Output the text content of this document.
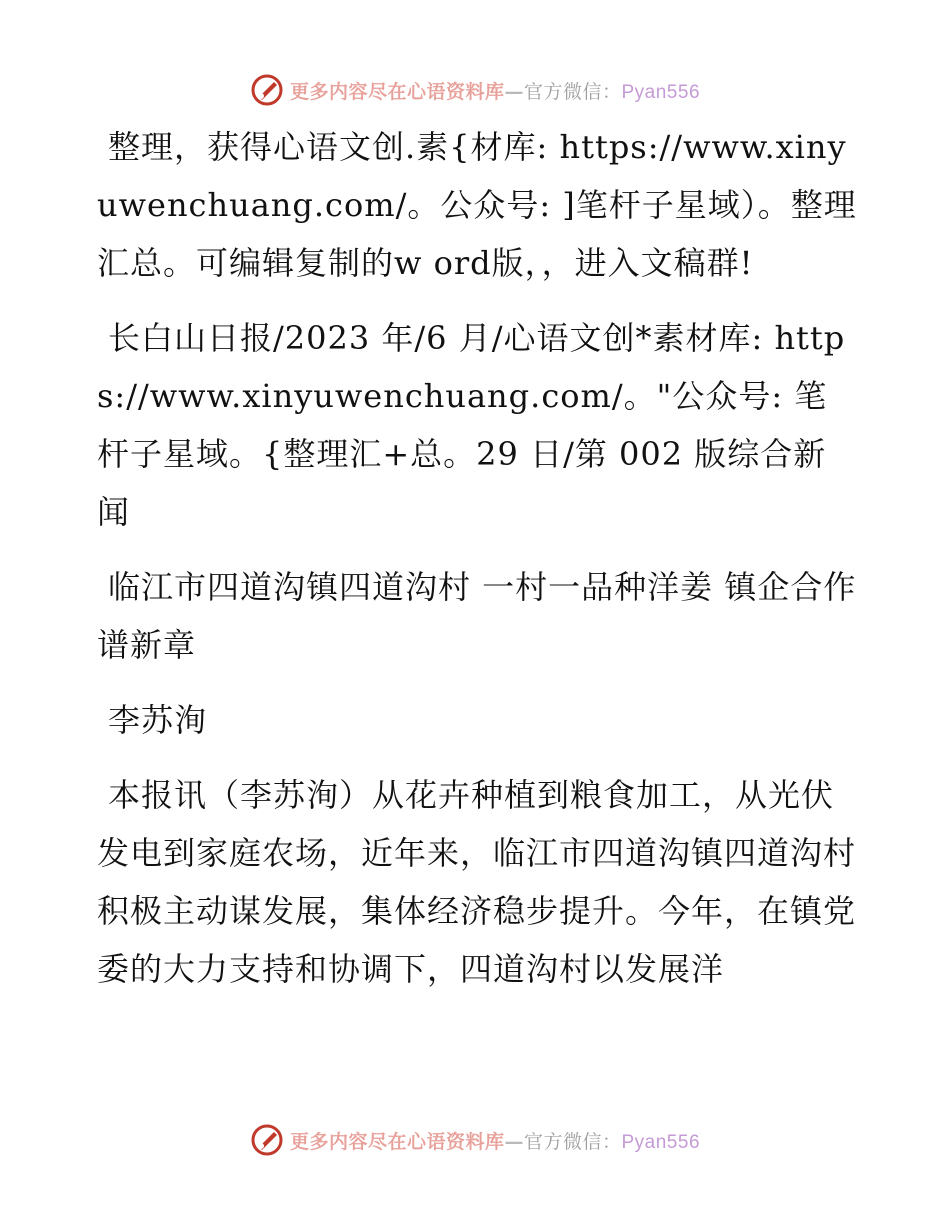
更多内容尽在心语资料库—官方微信：Pyan556

整理，获得心语文创.素{材库: https://www.xinyuwenchuang.com/。公众号: ]笔杆子星域）。整理汇总。可编辑复制的w ord版，，进入文稿群!

长白山日报/2023 年/6 月/心语文创*素材库: https://www.xinyuwenchuang.com/。"公众号: 笔杆子星域。{整理汇+总。29 日/第 002 版综合新闻

临江市四道沟镇四道沟村 一村一品种洋姜 镇企合作谱新章

李苏洵

本报讯（李苏洵）从花卉种植到粮食加工，从光伏发电到家庭农场，近年来，临江市四道沟镇四道沟村积极主动谋发展，集体经济稳步提升。今年，在镇党委的大力支持和协调下，四道沟村以发展洋

更多内容尽在心语资料库—官方微信：Pyan556
